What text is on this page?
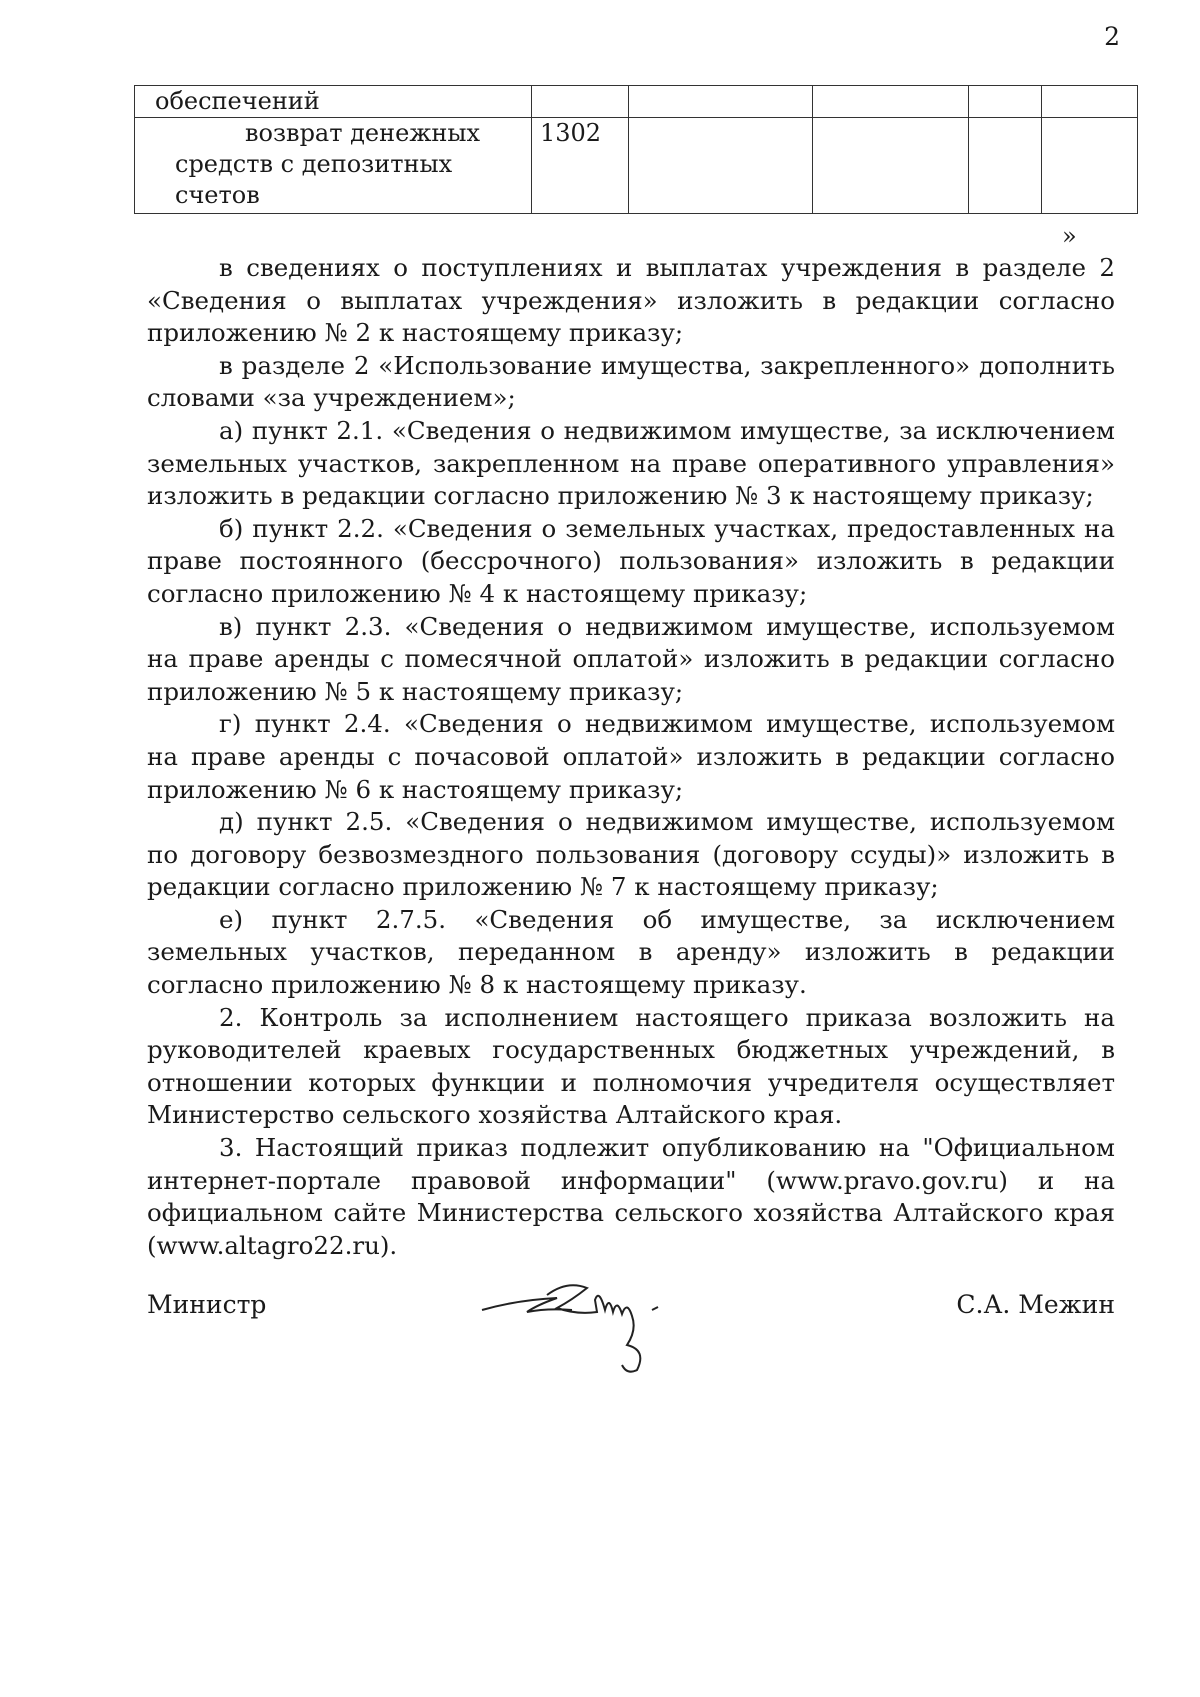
2
обеспечений					

возврат денежных средств с депозитных счетов	1302				
»

в сведениях о поступлениях и выплатах учреждения в разделе 2 «Сведения о выплатах учреждения» изложить в редакции согласно приложению № 2 к настоящему приказу;

в разделе 2 «Использование имущества, закрепленного» дополнить словами «за учреждением»;

а) пункт 2.1. «Сведения о недвижимом имуществе, за исключением земельных участков, закрепленном на праве оперативного управления» изложить в редакции согласно приложению № 3 к настоящему приказу;

б) пункт 2.2. «Сведения о земельных участках, предоставленных на праве постоянного (бессрочного) пользования» изложить в редакции согласно приложению № 4 к настоящему приказу;

в) пункт 2.3. «Сведения о недвижимом имуществе, используемом на праве аренды с помесячной оплатой» изложить в редакции согласно приложению № 5 к настоящему приказу;

г) пункт 2.4. «Сведения о недвижимом имуществе, используемом на праве аренды с почасовой оплатой» изложить в редакции согласно приложению № 6 к настоящему приказу;

д) пункт 2.5. «Сведения о недвижимом имуществе, используемом по договору безвозмездного пользования (договору ссуды)» изложить в редакции согласно приложению № 7 к настоящему приказу;

е) пункт 2.7.5. «Сведения об имуществе, за исключением земельных участков, переданном в аренду» изложить в редакции согласно приложению № 8 к настоящему приказу.

2. Контроль за исполнением настоящего приказа возложить на руководителей краевых государственных бюджетных учреждений, в отношении которых функции и полномочия учредителя осуществляет Министерство сельского хозяйства Алтайского края.

3. Настоящий приказ подлежит опубликованию на "Официальном интернет-портале правовой информации" (www.pravo.gov.ru) и на официальном сайте Министерства сельского хозяйства Алтайского края (www.altagro22.ru).

Министр	С.А. Межин
